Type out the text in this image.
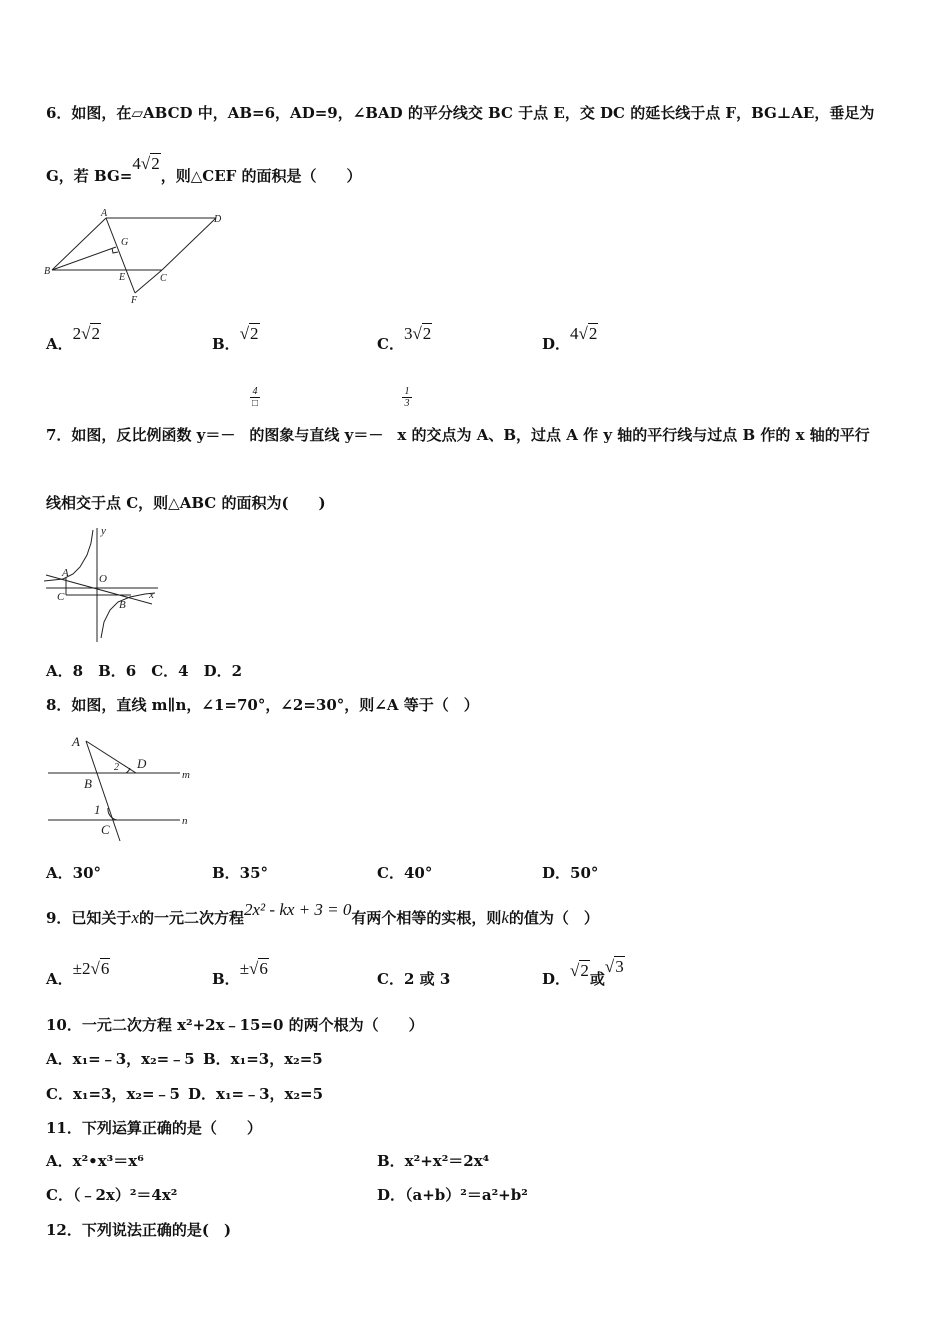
6．如图，在▱ABCD 中，AB=6，AD=9，∠BAD 的平分线交 BC 于点 E，交 DC 的延长线于点 F，BG⊥AE，垂足为
G，若 BG=4√2，则△CEF 的面积是（　　）
A
B
C
D
E
F
G
A．2√2
B．√2
C．3√2
D．4√2
4
□	$\frac{1}{3}$
7．如图，反比例函数 y＝－ 的图象与直线 y＝－ x 的交点为 A、B，过点 A 作 y 轴的平行线与过点 B 作的 x 轴的平行
线相交于点 C，则△ABC 的面积为(　　)
y
A	O
C
B
x
A．8　B．6　C．4　D．2
8．如图，直线 m∥n，∠1=70°，∠2=30°，则∠A 等于（　）
A
D
2
m
B
1
C
n
A．30°	B．35°	C．40°	D．50°
9．已知关于x的一元二次方程2x² - kx + 3 = 0有两个相等的实根，则k的值为（　）
A．±2√6
B．±√6
C．2 或 3	D．√2或√3
10．一元二次方程 x²+2x﹣15=0 的两个根为（　　）
A．x₁=﹣3，x₂=﹣5 B．x₁=3，x₂=5
C．x₁=3，x₂=﹣5 D．x₁=﹣3，x₂=5
11．下列运算正确的是（　　）
A．x²•x³＝x⁶	B．x²+x²＝2x⁴
C．（﹣2x）²＝4x²	D．（a+b）²＝a²+b²
12．下列说法正确的是(　)
